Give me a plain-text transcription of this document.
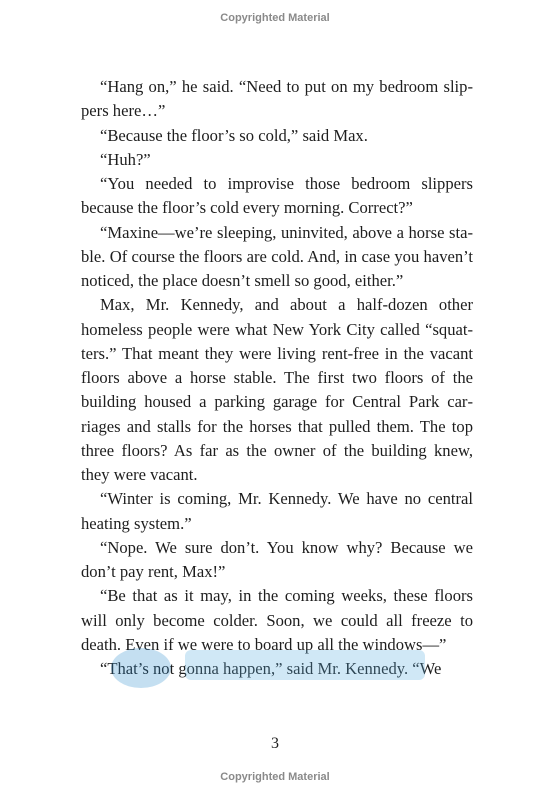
Copyrighted Material

“Hang on,” he said. “Need to put on my bedroom slippers here…”

“Because the floor’s so cold,” said Max.

“Huh?”

“You needed to improvise those bedroom slippers because the floor’s cold every morning. Correct?”

“Maxine—we’re sleeping, uninvited, above a horse stable. Of course the floors are cold. And, in case you haven’t noticed, the place doesn’t smell so good, either.”

Max, Mr. Kennedy, and about a half-dozen other homeless people were what New York City called “squatters.” That meant they were living rent-free in the vacant floors above a horse stable. The first two floors of the building housed a parking garage for Central Park carriages and stalls for the horses that pulled them. The top three floors? As far as the owner of the building knew, they were vacant.

“Winter is coming, Mr. Kennedy. We have no central heating system.”

“Nope. We sure don’t. You know why? Because we don’t pay rent, Max!”

“Be that as it may, in the coming weeks, these floors will only become colder. Soon, we could all freeze to death. Even if we were to board up all the windows—”

“That’s not gonna happen,” said Mr. Kennedy. “We

3
Copyrighted Material
